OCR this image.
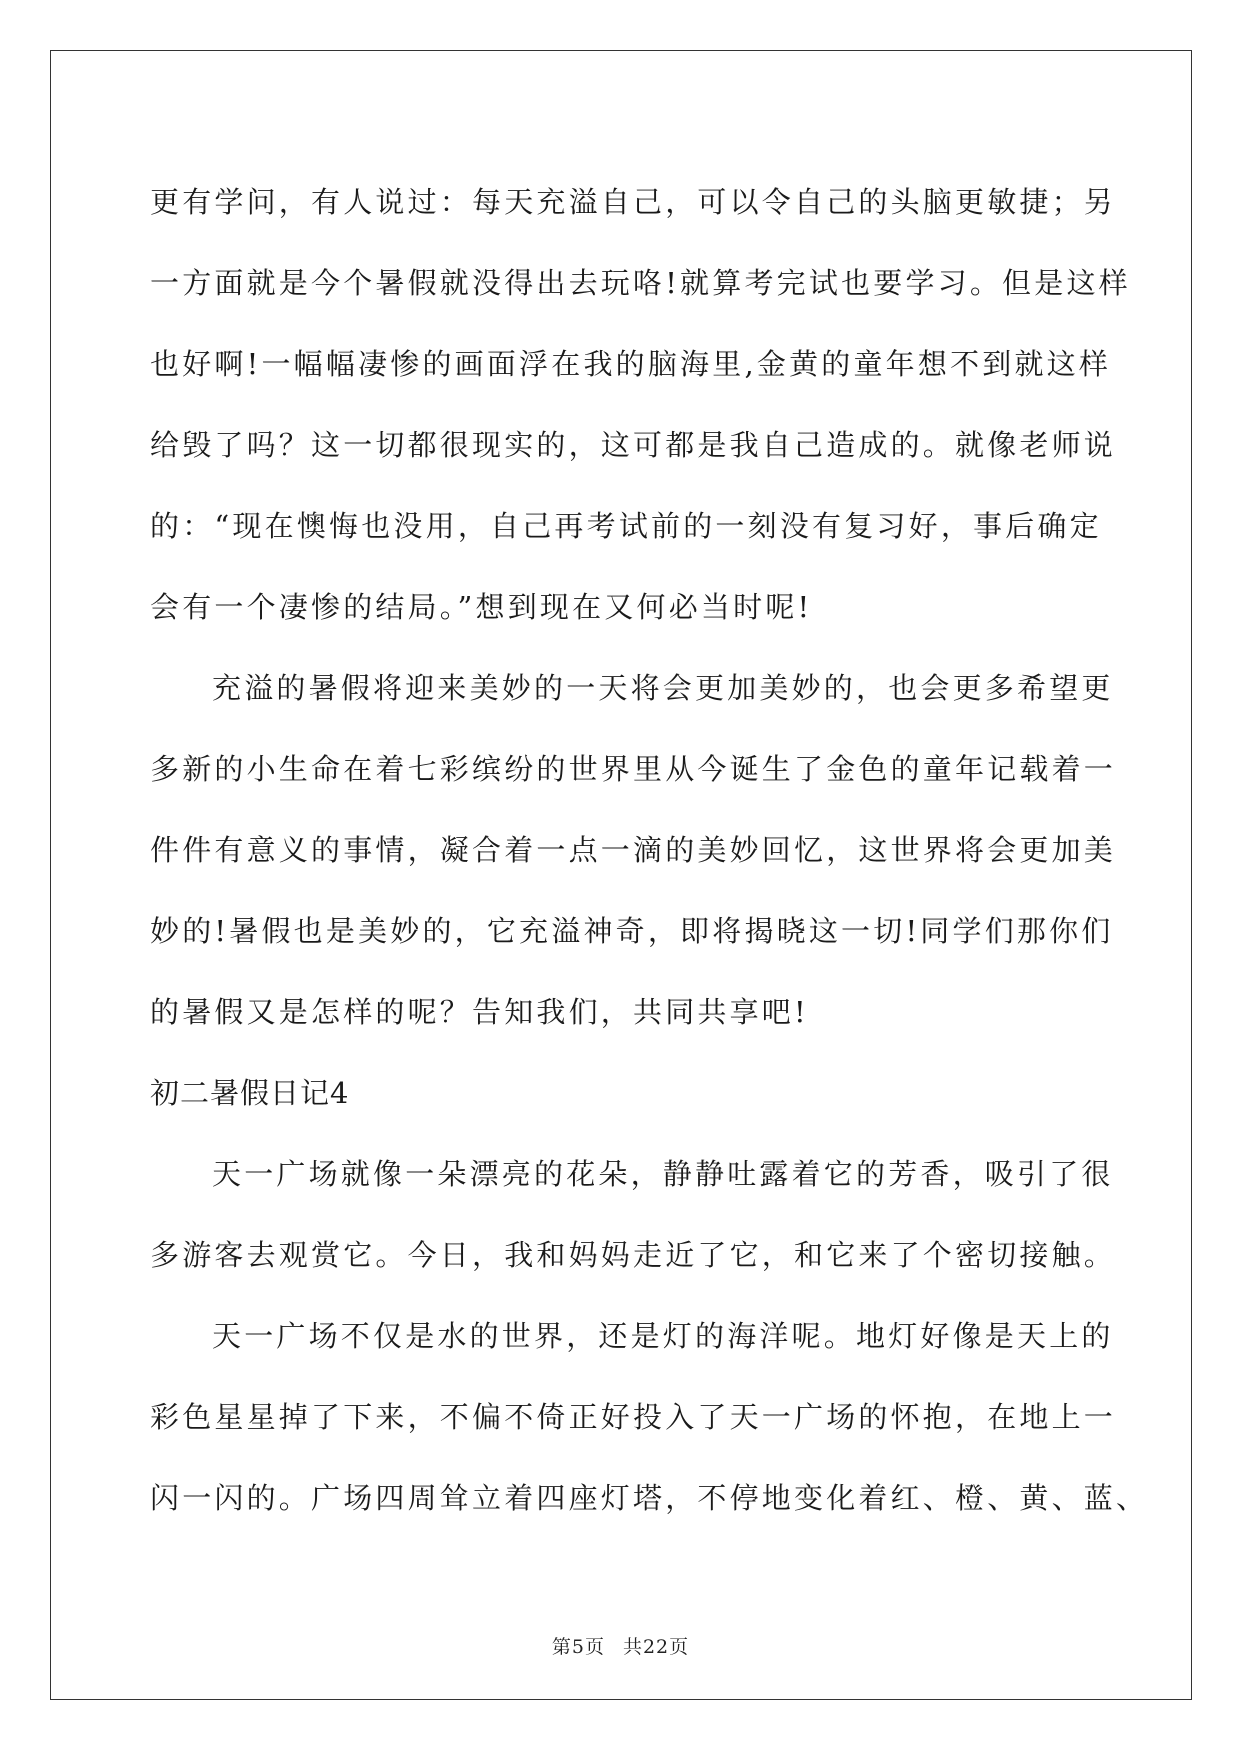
更有学问，有人说过：每天充溢自己，可以令自己的头脑更敏捷；另
一方面就是今个暑假就没得出去玩咯!就算考完试也要学习。但是这样
也好啊!一幅幅凄惨的画面浮在我的脑海里,金黄的童年想不到就这样
给毁了吗？这一切都很现实的，这可都是我自己造成的。就像老师说
的：“现在懊悔也没用，自己再考试前的一刻没有复习好，事后确定
会有一个凄惨的结局。”想到现在又何必当时呢!

充溢的暑假将迎来美妙的一天将会更加美妙的，也会更多希望更
多新的小生命在着七彩缤纷的世界里从今诞生了金色的童年记载着一
件件有意义的事情，凝合着一点一滴的美妙回忆，这世界将会更加美
妙的!暑假也是美妙的，它充溢神奇，即将揭晓这一切!同学们那你们
的暑假又是怎样的呢？告知我们，共同共享吧!

初二暑假日记4

天一广场就像一朵漂亮的花朵，静静吐露着它的芳香，吸引了很
多游客去观赏它。今日，我和妈妈走近了它，和它来了个密切接触。

天一广场不仅是水的世界，还是灯的海洋呢。地灯好像是天上的
彩色星星掉了下来，不偏不倚正好投入了天一广场的怀抱，在地上一
闪一闪的。广场四周耸立着四座灯塔，不停地变化着红、橙、黄、蓝、

第5页 共22页
